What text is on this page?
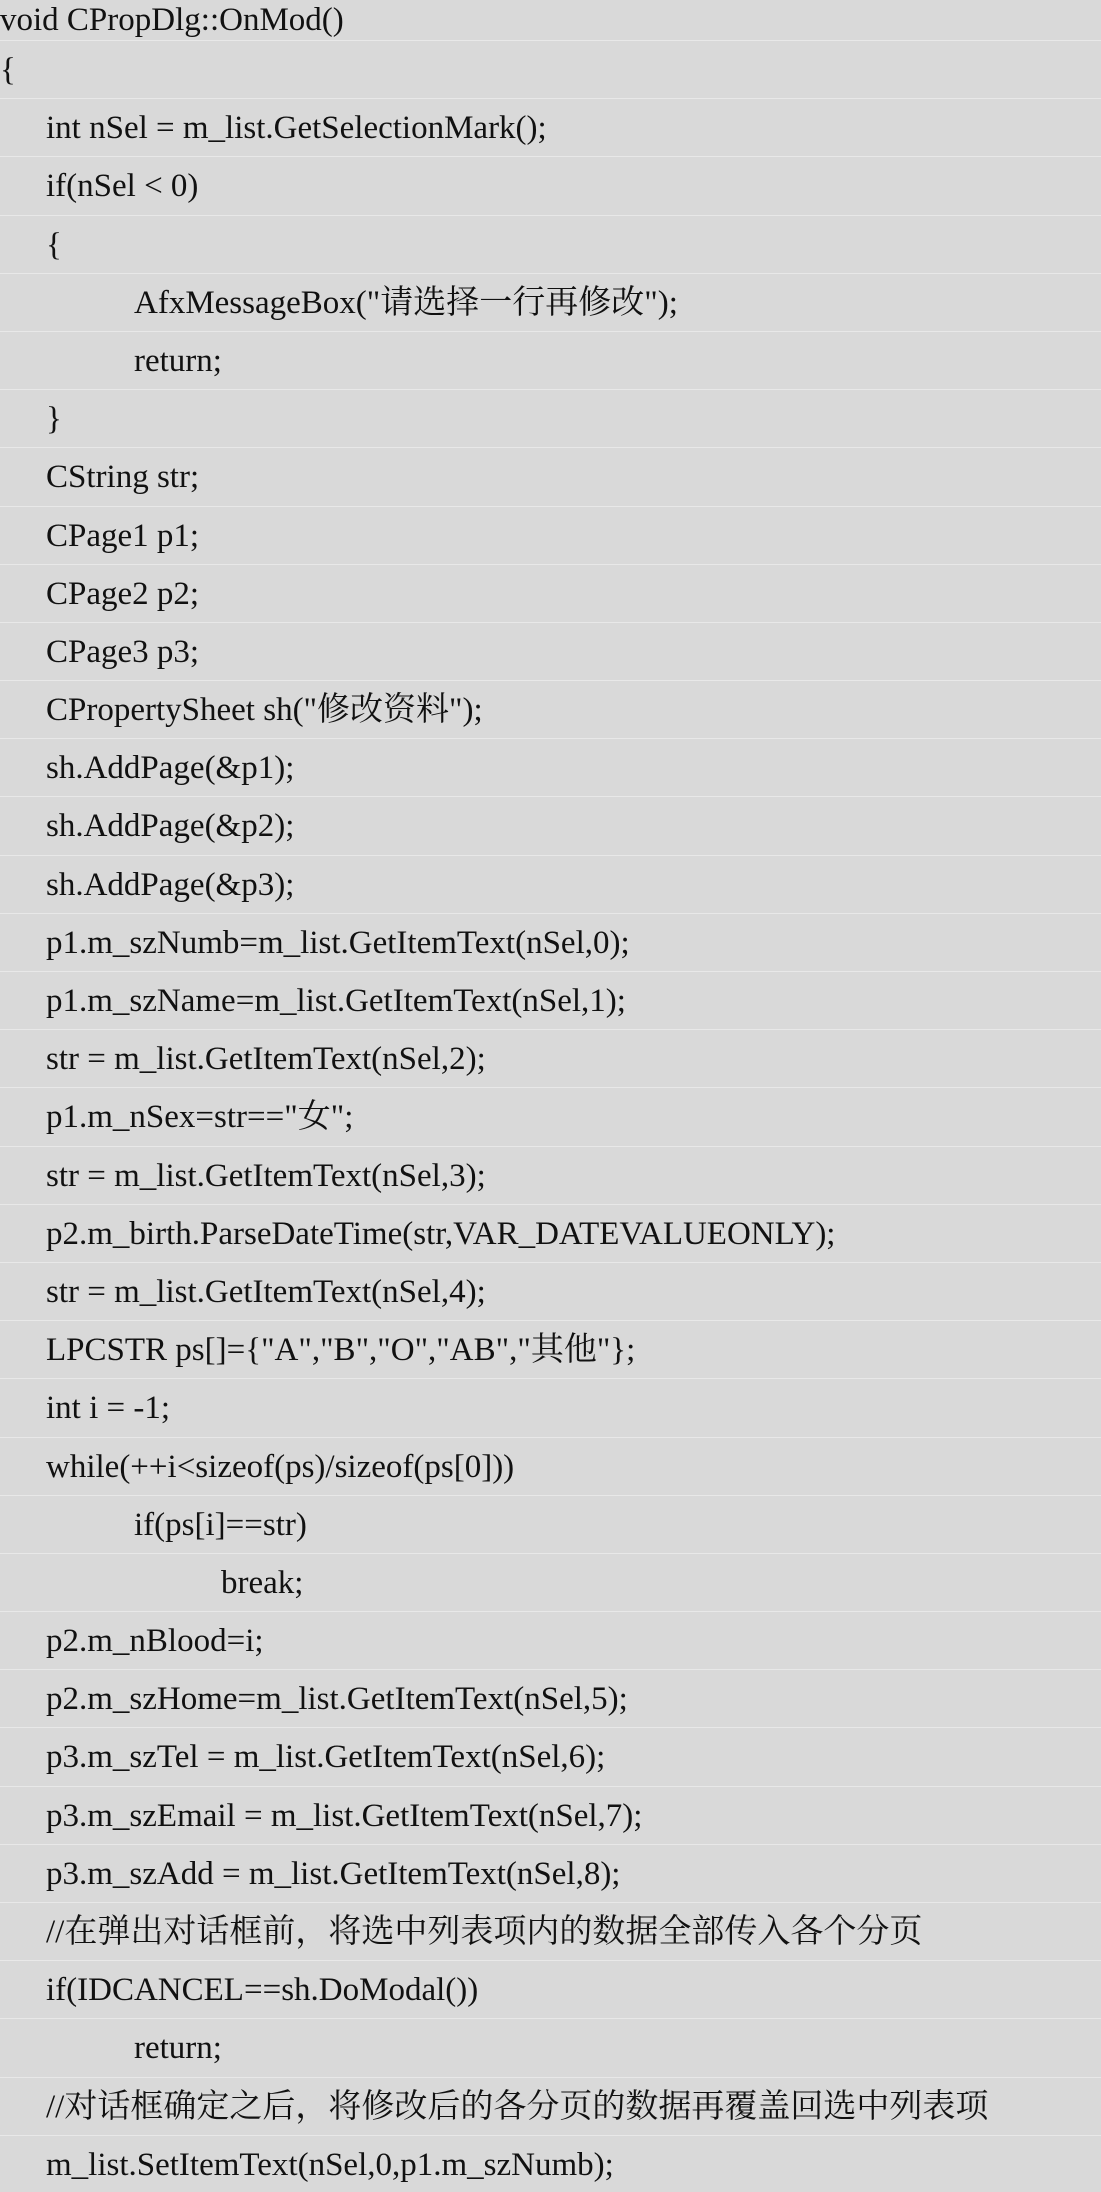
void CPropDlg::OnMod()
{
int nSel = m_list.GetSelectionMark();
if(nSel < 0)
{
AfxMessageBox("请选择一行再修改");
return;
}
CString str;
CPage1 p1;
CPage2 p2;
CPage3 p3;
CPropertySheet sh("修改资料");
sh.AddPage(&p1);
sh.AddPage(&p2);
sh.AddPage(&p3);
p1.m_szNumb=m_list.GetItemText(nSel,0);
p1.m_szName=m_list.GetItemText(nSel,1);
str = m_list.GetItemText(nSel,2);
p1.m_nSex=str=="女";
str = m_list.GetItemText(nSel,3);
p2.m_birth.ParseDateTime(str,VAR_DATEVALUEONLY);
str = m_list.GetItemText(nSel,4);
LPCSTR ps[]={"A","B","O","AB","其他"};
int i = -1;
while(++i<sizeof(ps)/sizeof(ps[0]))
if(ps[i]==str)
break;
p2.m_nBlood=i;
p2.m_szHome=m_list.GetItemText(nSel,5);
p3.m_szTel = m_list.GetItemText(nSel,6);
p3.m_szEmail = m_list.GetItemText(nSel,7);
p3.m_szAdd = m_list.GetItemText(nSel,8);
//在弹出对话框前，将选中列表项内的数据全部传入各个分页
if(IDCANCEL==sh.DoModal())
return;
//对话框确定之后，将修改后的各分页的数据再覆盖回选中列表项
m_list.SetItemText(nSel,0,p1.m_szNumb);
